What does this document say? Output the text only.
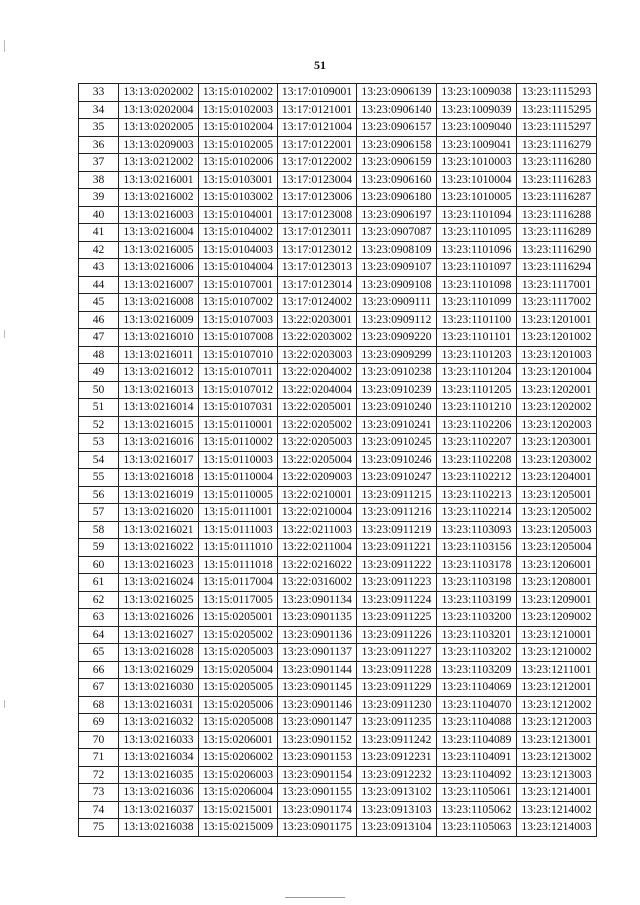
51
33	13:13:0202002	13:15:0102002	13:17:0109001	13:23:0906139	13:23:1009038	13:23:1115293
34	13:13:0202004	13:15:0102003	13:17:0121001	13:23:0906140	13:23:1009039	13:23:1115295
35	13:13:0202005	13:15:0102004	13:17:0121004	13:23:0906157	13:23:1009040	13:23:1115297
36	13:13:0209003	13:15:0102005	13:17:0122001	13:23:0906158	13:23:1009041	13:23:1116279
37	13:13:0212002	13:15:0102006	13:17:0122002	13:23:0906159	13:23:1010003	13:23:1116280
38	13:13:0216001	13:15:0103001	13:17:0123004	13:23:0906160	13:23:1010004	13:23:1116283
39	13:13:0216002	13:15:0103002	13:17:0123006	13:23:0906180	13:23:1010005	13:23:1116287
40	13:13:0216003	13:15:0104001	13:17:0123008	13:23:0906197	13:23:1101094	13:23:1116288
41	13:13:0216004	13:15:0104002	13:17:0123011	13:23:0907087	13:23:1101095	13:23:1116289
42	13:13:0216005	13:15:0104003	13:17:0123012	13:23:0908109	13:23:1101096	13:23:1116290
43	13:13:0216006	13:15:0104004	13:17:0123013	13:23:0909107	13:23:1101097	13:23:1116294
44	13:13:0216007	13:15:0107001	13:17:0123014	13:23:0909108	13:23:1101098	13:23:1117001
45	13:13:0216008	13:15:0107002	13:17:0124002	13:23:0909111	13:23:1101099	13:23:1117002
46	13:13:0216009	13:15:0107003	13:22:0203001	13:23:0909112	13:23:1101100	13:23:1201001
47	13:13:0216010	13:15:0107008	13:22:0203002	13:23:0909220	13:23:1101101	13:23:1201002
48	13:13:0216011	13:15:0107010	13:22:0203003	13:23:0909299	13:23:1101203	13:23:1201003
49	13:13:0216012	13:15:0107011	13:22:0204002	13:23:0910238	13:23:1101204	13:23:1201004
50	13:13:0216013	13:15:0107012	13:22:0204004	13:23:0910239	13:23:1101205	13:23:1202001
51	13:13:0216014	13:15:0107031	13:22:0205001	13:23:0910240	13:23:1101210	13:23:1202002
52	13:13:0216015	13:15:0110001	13:22:0205002	13:23:0910241	13:23:1102206	13:23:1202003
53	13:13:0216016	13:15:0110002	13:22:0205003	13:23:0910245	13:23:1102207	13:23:1203001
54	13:13:0216017	13:15:0110003	13:22:0205004	13:23:0910246	13:23:1102208	13:23:1203002
55	13:13:0216018	13:15:0110004	13:22:0209003	13:23:0910247	13:23:1102212	13:23:1204001
56	13:13:0216019	13:15:0110005	13:22:0210001	13:23:0911215	13:23:1102213	13:23:1205001
57	13:13:0216020	13:15:0111001	13:22:0210004	13:23:0911216	13:23:1102214	13:23:1205002
58	13:13:0216021	13:15:0111003	13:22:0211003	13:23:0911219	13:23:1103093	13:23:1205003
59	13:13:0216022	13:15:0111010	13:22:0211004	13:23:0911221	13:23:1103156	13:23:1205004
60	13:13:0216023	13:15:0111018	13:22:0216022	13:23:0911222	13:23:1103178	13:23:1206001
61	13:13:0216024	13:15:0117004	13:22:0316002	13:23:0911223	13:23:1103198	13:23:1208001
62	13:13:0216025	13:15:0117005	13:23:0901134	13:23:0911224	13:23:1103199	13:23:1209001
63	13:13:0216026	13:15:0205001	13:23:0901135	13:23:0911225	13:23:1103200	13:23:1209002
64	13:13:0216027	13:15:0205002	13:23:0901136	13:23:0911226	13:23:1103201	13:23:1210001
65	13:13:0216028	13:15:0205003	13:23:0901137	13:23:0911227	13:23:1103202	13:23:1210002
66	13:13:0216029	13:15:0205004	13:23:0901144	13:23:0911228	13:23:1103209	13:23:1211001
67	13:13:0216030	13:15:0205005	13:23:0901145	13:23:0911229	13:23:1104069	13:23:1212001
68	13:13:0216031	13:15:0205006	13:23:0901146	13:23:0911230	13:23:1104070	13:23:1212002
69	13:13:0216032	13:15:0205008	13:23:0901147	13:23:0911235	13:23:1104088	13:23:1212003
70	13:13:0216033	13:15:0206001	13:23:0901152	13:23:0911242	13:23:1104089	13:23:1213001
71	13:13:0216034	13:15:0206002	13:23:0901153	13:23:0912231	13:23:1104091	13:23:1213002
72	13:13:0216035	13:15:0206003	13:23:0901154	13:23:0912232	13:23:1104092	13:23:1213003
73	13:13:0216036	13:15:0206004	13:23:0901155	13:23:0913102	13:23:1105061	13:23:1214001
74	13:13:0216037	13:15:0215001	13:23:0901174	13:23:0913103	13:23:1105062	13:23:1214002
75	13:13:0216038	13:15:0215009	13:23:0901175	13:23:0913104	13:23:1105063	13:23:1214003
